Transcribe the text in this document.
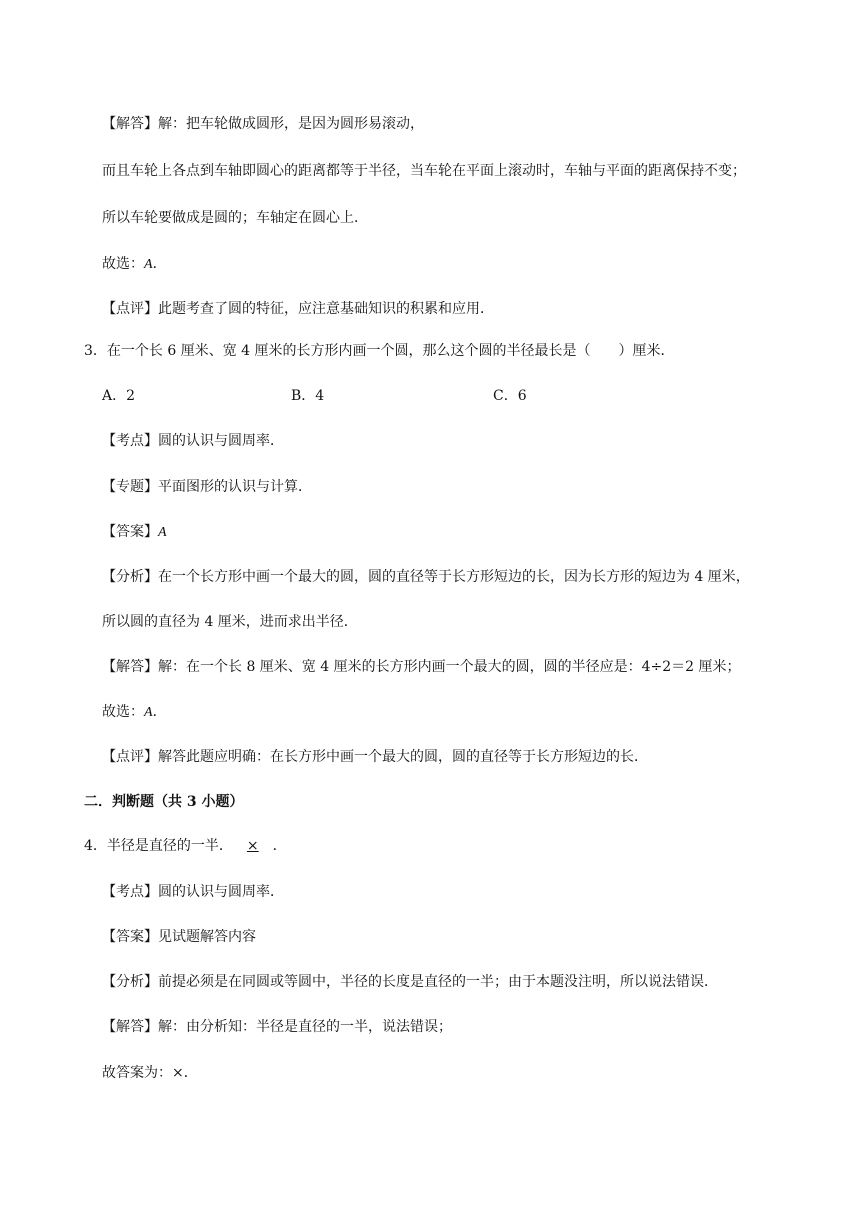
【解答】解：把车轮做成圆形，是因为圆形易滚动，

而且车轮上各点到车轴即圆心的距离都等于半径，当车轮在平面上滚动时，车轴与平面的距离保持不变；

所以车轮要做成是圆的；车轴定在圆心上．

故选：A．

【点评】此题考查了圆的特征，应注意基础知识的积累和应用．

3．在一个长 6 厘米、宽 4 厘米的长方形内画一个圆，那么这个圆的半径最长是（　　）厘米．

A．2	B．4	C．6

【考点】圆的认识与圆周率．

【专题】平面图形的认识与计算．

【答案】A

【分析】在一个长方形中画一个最大的圆，圆的直径等于长方形短边的长，因为长方形的短边为 4 厘米，

所以圆的直径为 4 厘米，进而求出半径．

【解答】解：在一个长 8 厘米、宽 4 厘米的长方形内画一个最大的圆，圆的半径应是：4÷2＝2 厘米；

故选：A．

【点评】解答此题应明确：在长方形中画一个最大的圆，圆的直径等于长方形短边的长．

二．判断题（共 3 小题）

4．半径是直径的一半． × ．

【考点】圆的认识与圆周率．

【答案】见试题解答内容

【分析】前提必须是在同圆或等圆中，半径的长度是直径的一半；由于本题没注明，所以说法错误．

【解答】解：由分析知：半径是直径的一半，说法错误；

故答案为：×．
